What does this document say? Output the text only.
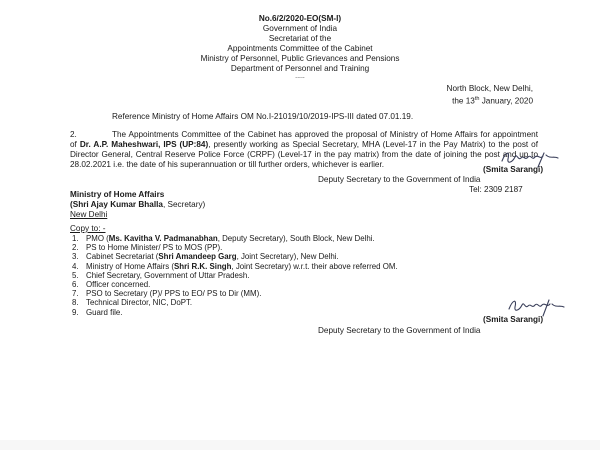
No.6/2/2020-EO(SM-I)
Government of India
Secretariat of the
Appointments Committee of the Cabinet
Ministry of Personnel, Public Grievances and Pensions
Department of Personnel and Training
.....
North Block, New Delhi,
the 13th January, 2020
Reference Ministry of Home Affairs OM No.I-21019/10/2019-IPS-III dated 07.01.19.
2.	The Appointments Committee of the Cabinet has approved the proposal of Ministry of Home Affairs for appointment of Dr. A.P. Maheshwari, IPS (UP:84), presently working as Special Secretary, MHA (Level-17 in the Pay Matrix) to the post of Director General, Central Reserve Police Force (CRPF) (Level-17 in the pay matrix) from the date of joining the post and up to 28.02.2021 i.e. the date of his superannuation or till further orders, whichever is earlier.
(Smita Sarangi)
Deputy Secretary to the Government of India
Tel: 2309 2187
Ministry of Home Affairs
(Shri Ajay Kumar Bhalla, Secretary)
New Delhi
Copy to: -
1. PMO (Ms. Kavitha V. Padmanabhan, Deputy Secretary), South Block, New Delhi.
2. PS to Home Minister/ PS to MOS (PP).
3. Cabinet Secretariat (Shri Amandeep Garg, Joint Secretary), New Delhi.
4. Ministry of Home Affairs (Shri R.K. Singh, Joint Secretary) w.r.t. their above referred OM.
5. Chief Secretary, Government of Uttar Pradesh.
6. Officer concerned.
7. PSO to Secretary (P)/ PPS to EO/ PS to Dir (MM).
8. Technical Director, NIC, DoPT.
9. Guard file.
(Smita Sarangi)
Deputy Secretary to the Government of India
